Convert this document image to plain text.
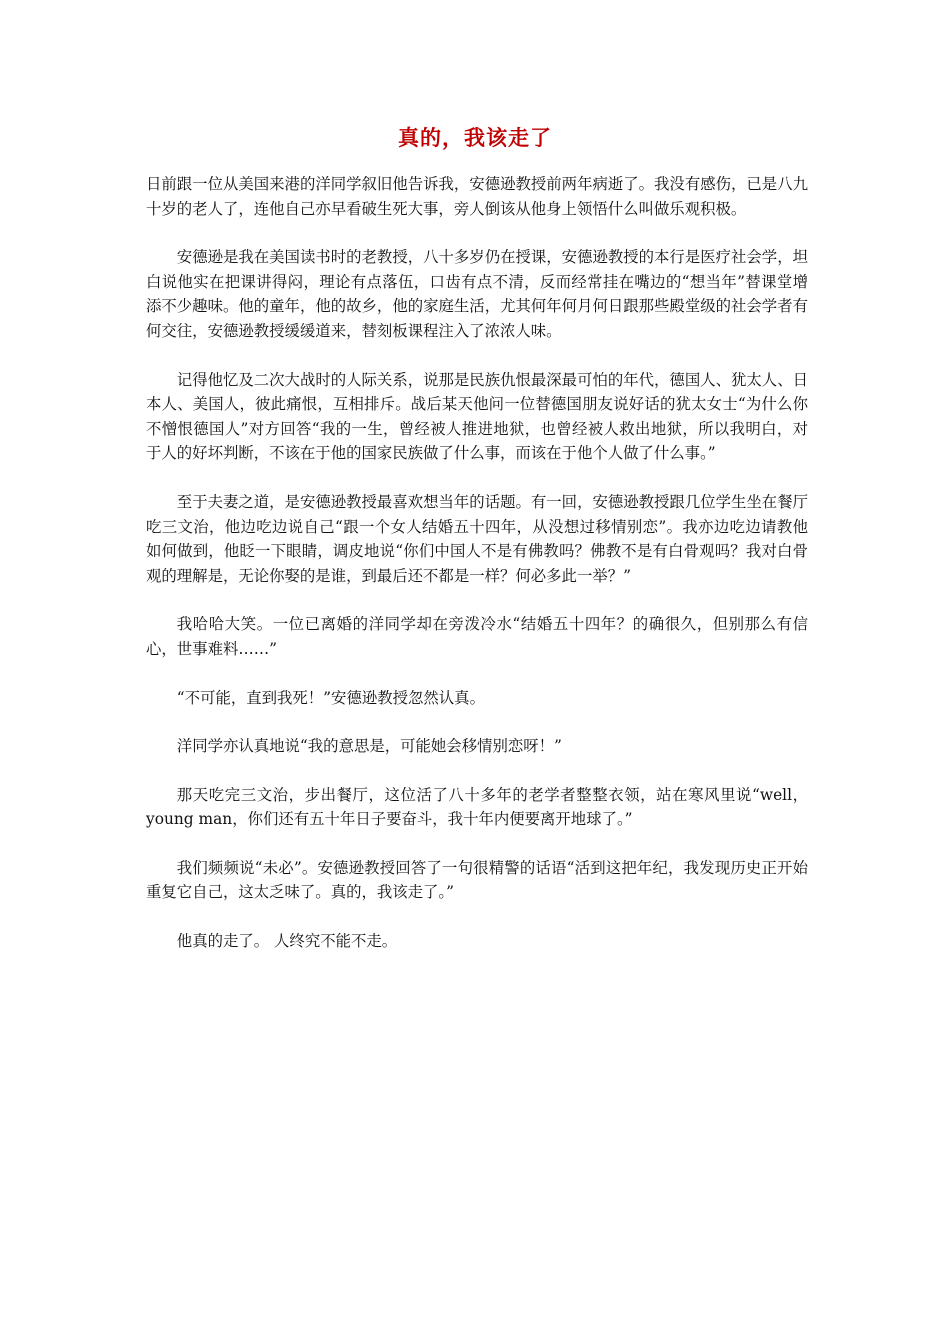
真的，我该走了

日前跟一位从美国来港的洋同学叙旧他告诉我，安德逊教授前两年病逝了。我没有感伤，已是八九十岁的老人了，连他自己亦早看破生死大事，旁人倒该从他身上领悟什么叫做乐观积极。

安德逊是我在美国读书时的老教授，八十多岁仍在授课，安德逊教授的本行是医疗社会学，坦白说他实在把课讲得闷，理论有点落伍，口齿有点不清，反而经常挂在嘴边的“想当年”替课堂增添不少趣味。他的童年，他的故乡，他的家庭生活，尤其何年何月何日跟那些殿堂级的社会学者有何交往，安德逊教授缓缓道来，替刻板课程注入了浓浓人味。

记得他忆及二次大战时的人际关系，说那是民族仇恨最深最可怕的年代，德国人、犹太人、日本人、美国人，彼此痛恨，互相排斥。战后某天他问一位替德国朋友说好话的犹太女士“为什么你不憎恨德国人”对方回答“我的一生，曾经被人推进地狱，也曾经被人救出地狱，所以我明白，对于人的好坏判断，不该在于他的国家民族做了什么事，而该在于他个人做了什么事。”

至于夫妻之道，是安德逊教授最喜欢想当年的话题。有一回，安德逊教授跟几位学生坐在餐厅吃三文治，他边吃边说自己“跟一个女人结婚五十四年，从没想过移情别恋”。我亦边吃边请教他如何做到，他眨一下眼睛，调皮地说“你们中国人不是有佛教吗？佛教不是有白骨观吗？我对白骨观的理解是，无论你娶的是谁，到最后还不都是一样？何必多此一举？”

我哈哈大笑。一位已离婚的洋同学却在旁泼冷水“结婚五十四年？的确很久，但别那么有信心，世事难料……”

“不可能，直到我死！”安德逊教授忽然认真。

洋同学亦认真地说“我的意思是，可能她会移情别恋呀！”

那天吃完三文治，步出餐厅，这位活了八十多年的老学者整整衣领，站在寒风里说“well，young man，你们还有五十年日子要奋斗，我十年内便要离开地球了。”

我们频频说“未必”。安德逊教授回答了一句很精警的话语“活到这把年纪，我发现历史正开始重复它自己，这太乏味了。真的，我该走了。”

他真的走了。 人终究不能不走。
